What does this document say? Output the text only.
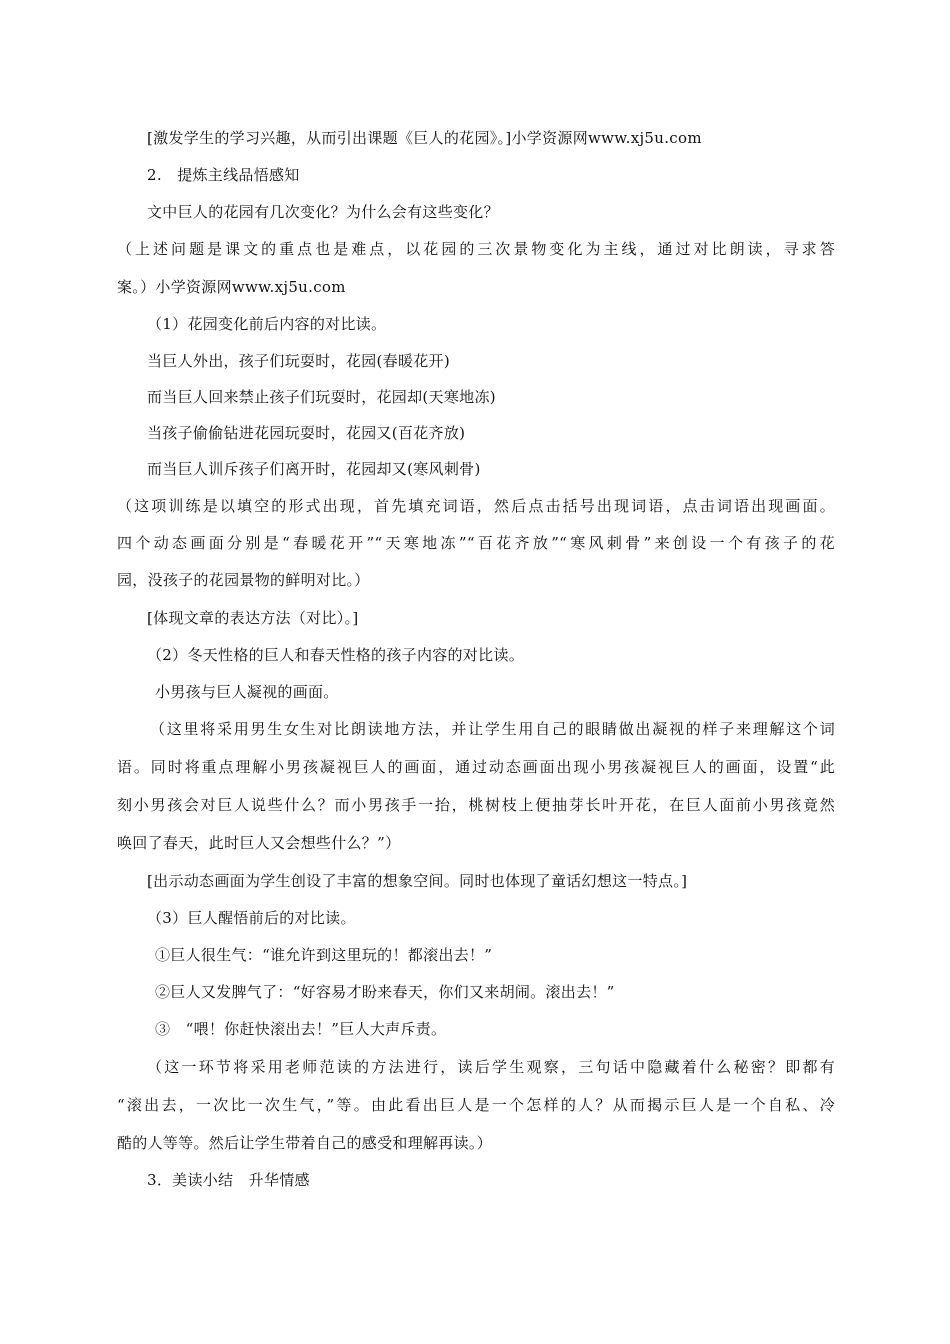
[激发学生的学习兴趣，从而引出课题《巨人的花园》。]小学资源网www.xj5u.com
2.　提炼主线品悟感知
文中巨人的花园有几次变化？为什么会有这些变化？
（上述问题是课文的重点也是难点，以花园的三次景物变化为主线，通过对比朗读，寻求答
案。）小学资源网www.xj5u.com
（1）花园变化前后内容的对比读。
当巨人外出，孩子们玩耍时，花园(春暖花开)
而当巨人回来禁止孩子们玩耍时，花园却(天寒地冻)
当孩子偷偷钻进花园玩耍时，花园又(百花齐放)
而当巨人训斥孩子们离开时，花园却又(寒风刺骨)
（这项训练是以填空的形式出现，首先填充词语，然后点击括号出现词语，点击词语出现画面。
四个动态画面分别是“春暖花开”“天寒地冻”“百花齐放”“寒风刺骨”来创设一个有孩子的花
园，没孩子的花园景物的鲜明对比。）
[体现文章的表达方法（对比）。]
（2）冬天性格的巨人和春天性格的孩子内容的对比读。
小男孩与巨人凝视的画面。
（这里将采用男生女生对比朗读地方法，并让学生用自己的眼睛做出凝视的样子来理解这个词
语。同时将重点理解小男孩凝视巨人的画面，通过动态画面出现小男孩凝视巨人的画面，设置“此
刻小男孩会对巨人说些什么？而小男孩手一抬，桃树枝上便抽芽长叶开花，在巨人面前小男孩竟然
唤回了春天，此时巨人又会想些什么？”）
[出示动态画面为学生创设了丰富的想象空间。同时也体现了童话幻想这一特点。]
（3）巨人醒悟前后的对比读。
①巨人很生气：“谁允许到这里玩的！都滚出去！”
②巨人又发脾气了：“好容易才盼来春天，你们又来胡闹。滚出去！”
③　“喂！你赶快滚出去！”巨人大声斥责。
（这一环节将采用老师范读的方法进行，读后学生观察，三句话中隐藏着什么秘密？即都有
“滚出去，一次比一次生气，”等。由此看出巨人是一个怎样的人？从而揭示巨人是一个自私、冷
酷的人等等。然后让学生带着自己的感受和理解再读。）
3．美读小结　升华情感
